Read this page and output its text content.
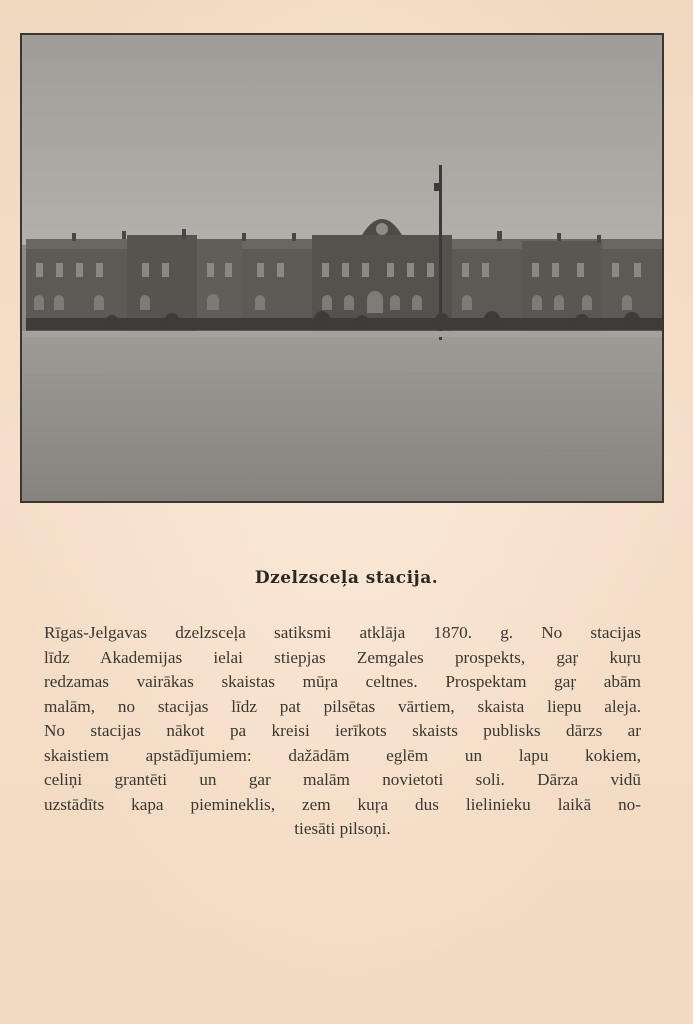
Dzelzsceļa stacija.
Rīgas-Jelgavas dzelzsceļa satiksmi atklāja 1870. g. No stacijas
līdz Akademijas ielai stiepjas Zemgales prospekts, gaŗ kuŗu
redzamas vairākas skaistas mūŗa celtnes. Prospektam gaŗ abām
malām, no stacijas līdz pat pilsētas vārtiem, skaista liepu aleja.
No stacijas nākot pa kreisi ierīkots skaists publisks dārzs ar
skaistiem apstādījumiem: dažādām eglēm un lapu kokiem,
celiņi grantēti un gar malām novietoti soli. Dārza vidū
uzstādīts kapa piemineklis, zem kuŗa dus lielinieku laikā no-
tiesāti pilsoņi.
